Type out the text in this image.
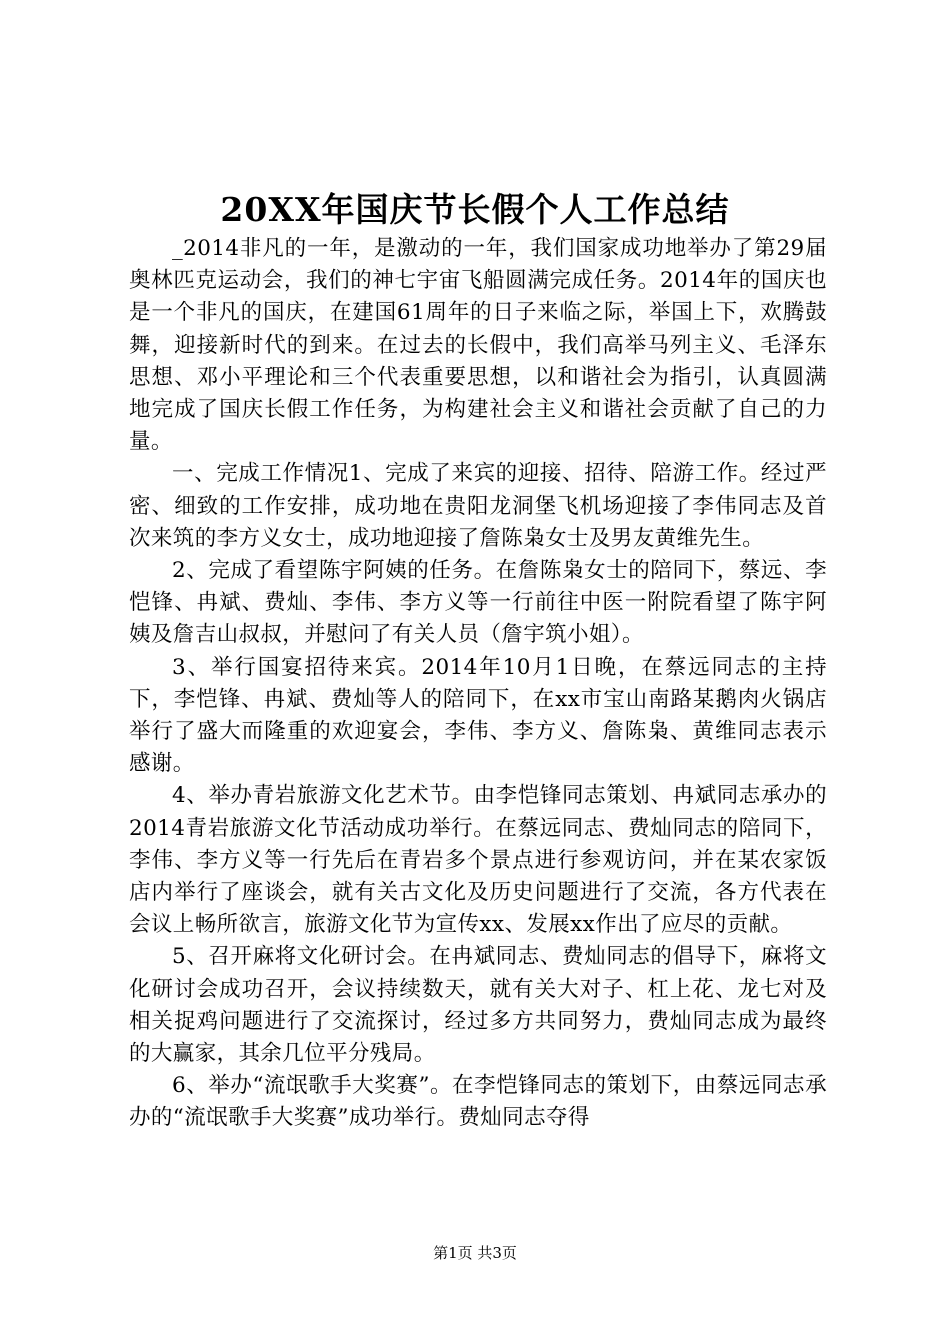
20XX年国庆节长假个人工作总结

_2014非凡的一年，是激动的一年，我们国家成功地举办了第29届奥林匹克运动会，我们的神七宇宙飞船圆满完成任务。2014年的国庆也是一个非凡的国庆，在建国61周年的日子来临之际，举国上下，欢腾鼓舞，迎接新时代的到来。在过去的长假中，我们高举马列主义、毛泽东思想、邓小平理论和三个代表重要思想，以和谐社会为指引，认真圆满地完成了国庆长假工作任务，为构建社会主义和谐社会贡献了自己的力量。

一、完成工作情况1、完成了来宾的迎接、招待、陪游工作。经过严密、细致的工作安排，成功地在贵阳龙洞堡飞机场迎接了李伟同志及首次来筑的李方义女士，成功地迎接了詹陈枭女士及男友黄维先生。

2、完成了看望陈宇阿姨的任务。在詹陈枭女士的陪同下，蔡远、李恺锋、冉斌、费灿、李伟、李方义等一行前往中医一附院看望了陈宇阿姨及詹吉山叔叔，并慰问了有关人员（詹宇筑小姐）。

3、举行国宴招待来宾。2014年10月1日晚，在蔡远同志的主持下，李恺锋、冉斌、费灿等人的陪同下，在xx市宝山南路某鹅肉火锅店举行了盛大而隆重的欢迎宴会，李伟、李方义、詹陈枭、黄维同志表示感谢。

4、举办青岩旅游文化艺术节。由李恺锋同志策划、冉斌同志承办的2014青岩旅游文化节活动成功举行。在蔡远同志、费灿同志的陪同下，李伟、李方义等一行先后在青岩多个景点进行参观访问，并在某农家饭店内举行了座谈会，就有关古文化及历史问题进行了交流，各方代表在会议上畅所欲言，旅游文化节为宣传xx、发展xx作出了应尽的贡献。

5、召开麻将文化研讨会。在冉斌同志、费灿同志的倡导下，麻将文化研讨会成功召开，会议持续数天，就有关大对子、杠上花、龙七对及相关捉鸡问题进行了交流探讨，经过多方共同努力，费灿同志成为最终的大赢家，其余几位平分残局。

6、举办“流氓歌手大奖赛”。在李恺锋同志的策划下，由蔡远同志承办的“流氓歌手大奖赛”成功举行。费灿同志夺得

第1页 共3页
